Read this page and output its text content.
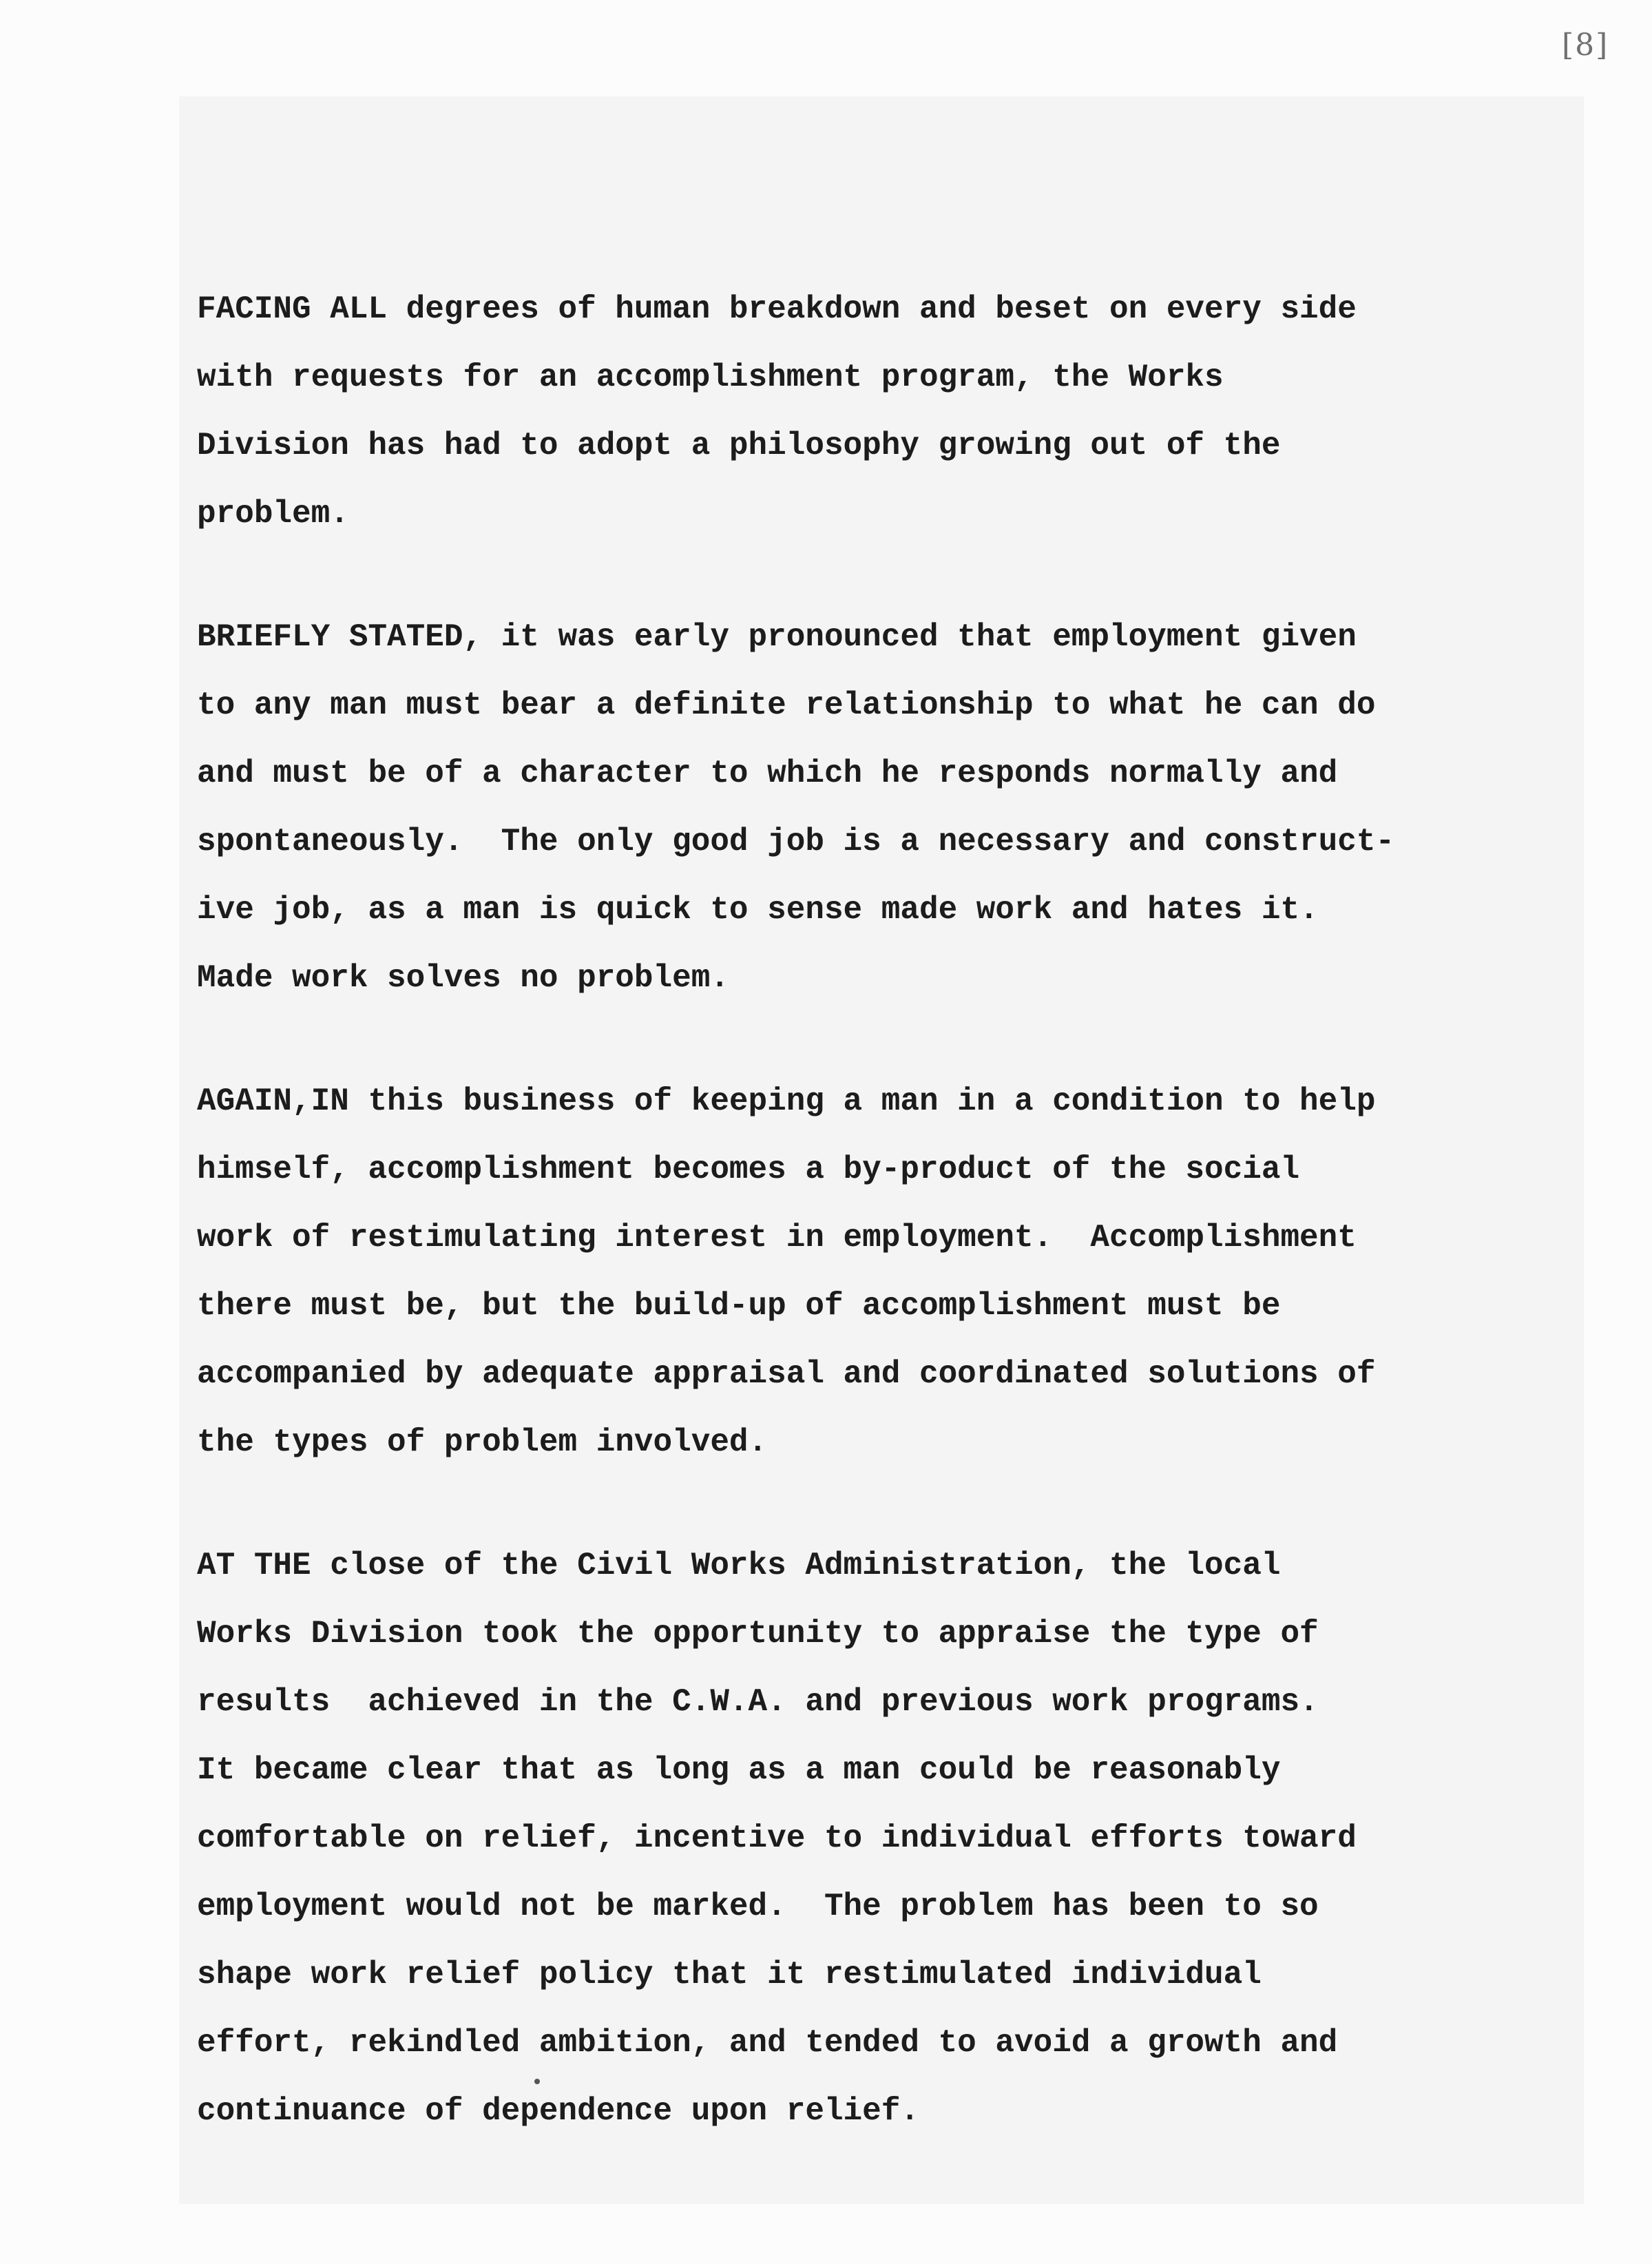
[8]
FACING ALL degrees of human breakdown and beset on every side
with requests for an accomplishment program, the Works
Division has had to adopt a philosophy growing out of the
problem.
BRIEFLY STATED, it was early pronounced that employment given
to any man must bear a definite relationship to what he can do
and must be of a character to which he responds normally and
spontaneously.  The only good job is a necessary and construct-
ive job, as a man is quick to sense made work and hates it.
Made work solves no problem.
AGAIN,IN this business of keeping a man in a condition to help
himself, accomplishment becomes a by-product of the social
work of restimulating interest in employment.  Accomplishment
there must be, but the build-up of accomplishment must be
accompanied by adequate appraisal and coordinated solutions of
the types of problem involved.
AT THE close of the Civil Works Administration, the local
Works Division took the opportunity to appraise the type of
results  achieved in the C.W.A. and previous work programs.
It became clear that as long as a man could be reasonably
comfortable on relief, incentive to individual efforts toward
employment would not be marked.  The problem has been to so
shape work relief policy that it restimulated individual
effort, rekindled ambition, and tended to avoid a growth and
continuance of dependence upon relief.
